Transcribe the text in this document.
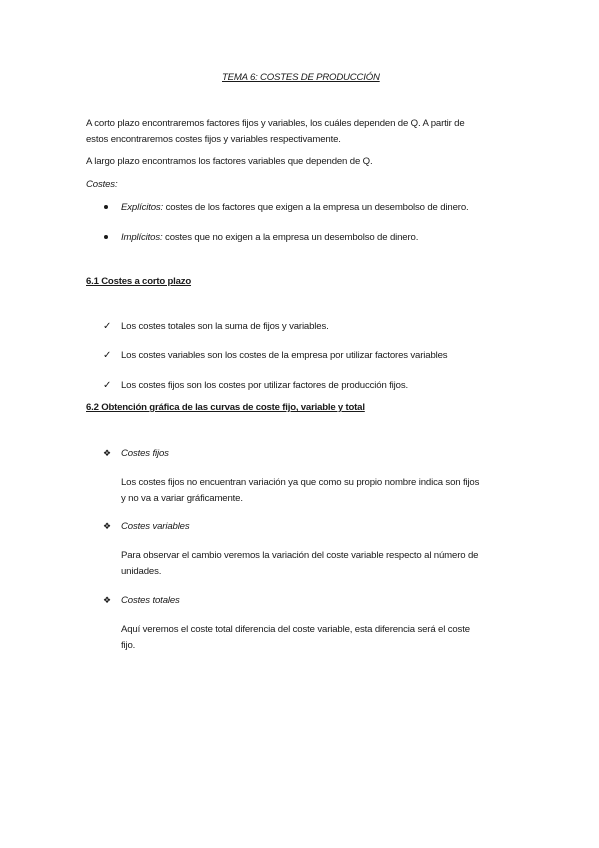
TEMA 6: COSTES DE PRODUCCIÓN
A corto plazo encontraremos factores fijos y variables, los cuáles dependen de Q. A partir de
estos encontraremos costes fijos y variables respectivamente.
A largo plazo encontramos los factores variables que dependen de Q.
Costes:
Explícitos: costes de los factores que exigen a la empresa un desembolso de dinero.
Implícitos: costes que no exigen a la empresa un desembolso de dinero.
6.1 Costes a corto plazo
✓ Los costes totales son la suma de fijos y variables.
✓ Los costes variables son los costes de la empresa por utilizar factores variables
✓ Los costes fijos son los costes por utilizar factores de producción fijos.
6.2 Obtención gráfica de las curvas de coste fijo, variable y total
❖ Costes fijos
Los costes fijos no encuentran variación ya que como su propio nombre indica son fijos
y no va a variar gráficamente.
❖ Costes variables
Para observar el cambio veremos la variación del coste variable respecto al número de
unidades.
❖ Costes totales
Aquí veremos el coste total diferencia del coste variable, esta diferencia será el coste
fijo.
